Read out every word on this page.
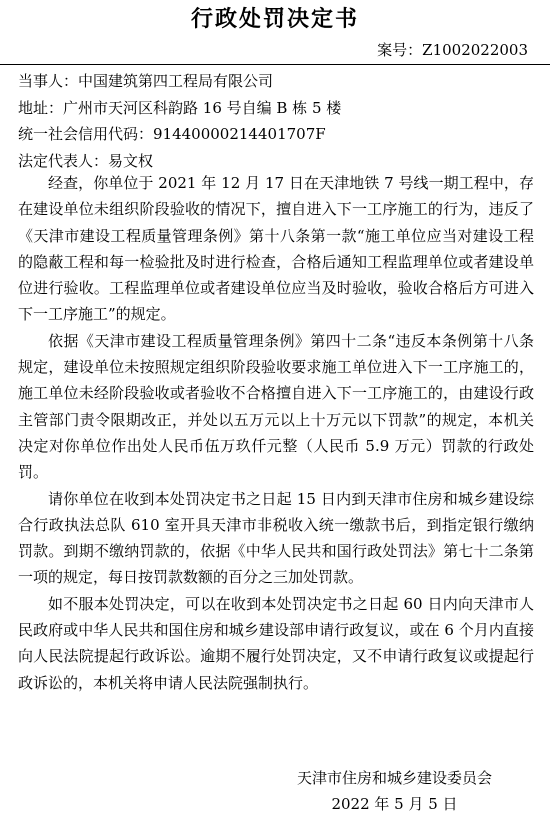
行政处罚决定书
案号：Z1002022003
当事人：中国建筑第四工程局有限公司
地址：广州市天河区科韵路 16 号自编 B 栋 5 楼
统一社会信用代码：91440000214401707F
法定代表人：易文权

经查，你单位于 2021 年 12 月 17 日在天津地铁 7 号线一期工程中，存在建设单位未组织阶段验收的情况下，擅自进入下一工序施工的行为，违反了《天津市建设工程质量管理条例》第十八条第一款“施工单位应当对建设工程的隐蔽工程和每一检验批及时进行检查，合格后通知工程监理单位或者建设单位进行验收。工程监理单位或者建设单位应当及时验收，验收合格后方可进入下一工序施工”的规定。

依据《天津市建设工程质量管理条例》第四十二条“违反本条例第十八条规定，建设单位未按照规定组织阶段验收要求施工单位进入下一工序施工的，施工单位未经阶段验收或者验收不合格擅自进入下一工序施工的，由建设行政主管部门责令限期改正，并处以五万元以上十万元以下罚款”的规定，本机关决定对你单位作出处人民币伍万玖仟元整（人民币 5.9 万元）罚款的行政处罚。

请你单位在收到本处罚决定书之日起 15 日内到天津市住房和城乡建设综合行政执法总队 610 室开具天津市非税收入统一缴款书后，到指定银行缴纳罚款。到期不缴纳罚款的，依据《中华人民共和国行政处罚法》第七十二条第一项的规定，每日按罚款数额的百分之三加处罚款。

如不服本处罚决定，可以在收到本处罚决定书之日起 60 日内向天津市人民政府或中华人民共和国住房和城乡建设部申请行政复议，或在 6 个月内直接向人民法院提起行政诉讼。逾期不履行处罚决定，又不申请行政复议或提起行政诉讼的，本机关将申请人民法院强制执行。

天津市住房和城乡建设委员会
2022 年 5 月 5 日
